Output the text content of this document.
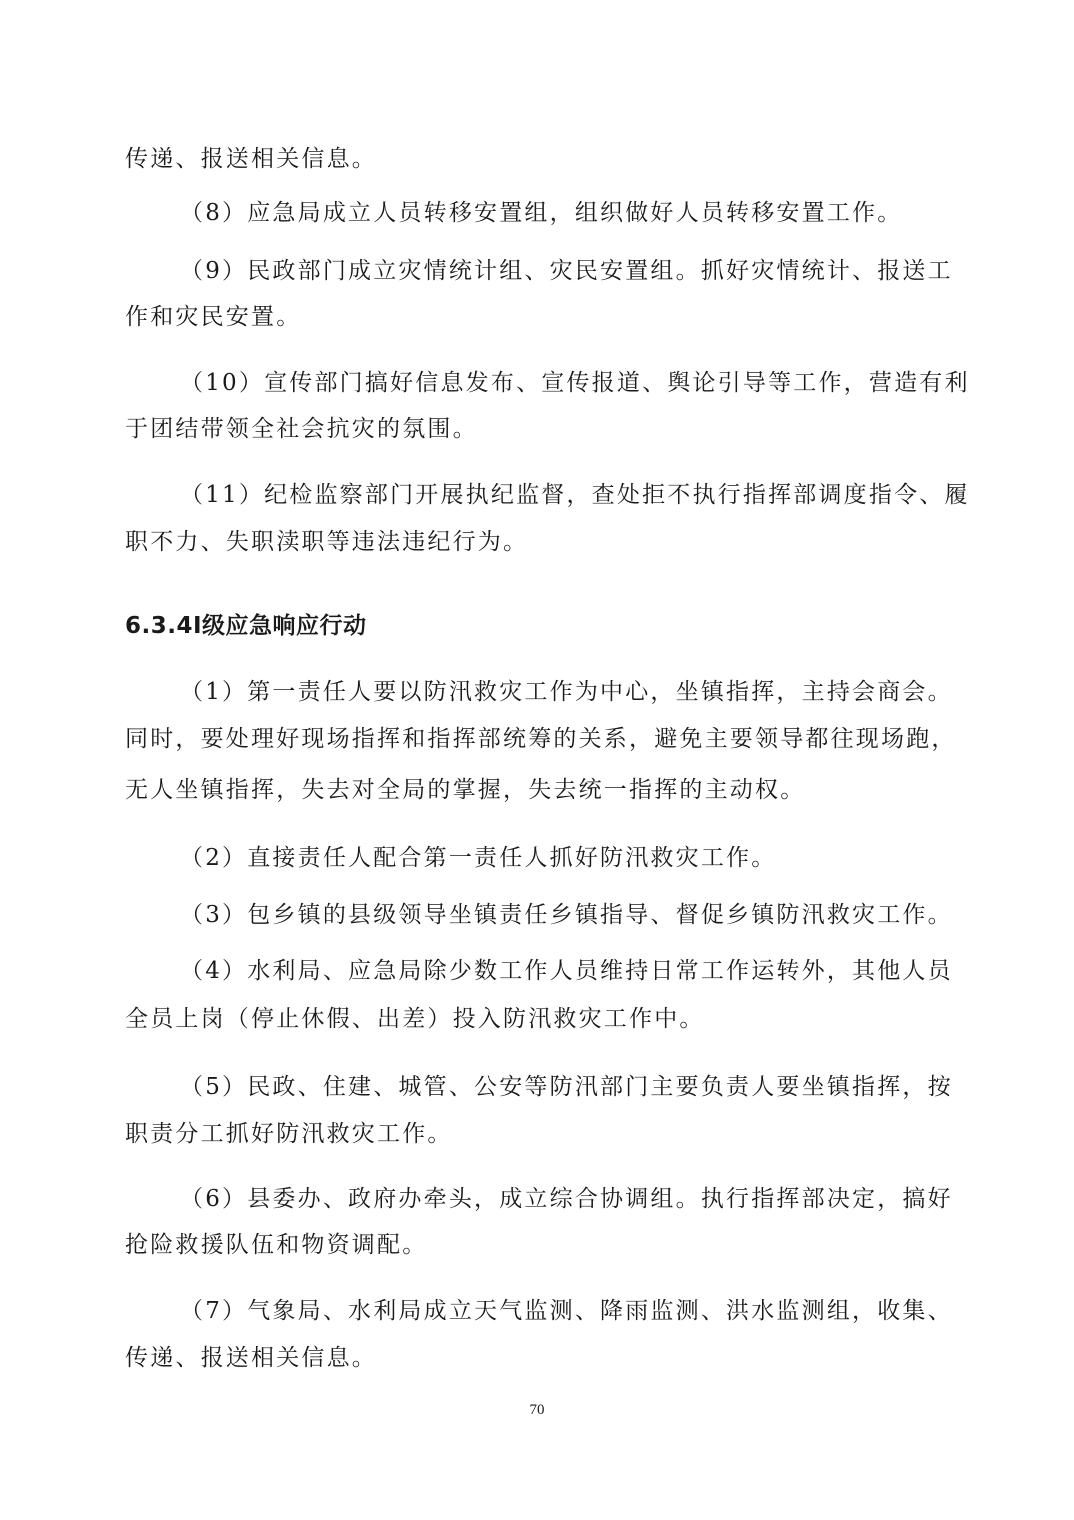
传递、报送相关信息。
（8）应急局成立人员转移安置组，组织做好人员转移安置工作。
（9）民政部门成立灾情统计组、灾民安置组。抓好灾情统计、报送工
作和灾民安置。
（10）宣传部门搞好信息发布、宣传报道、舆论引导等工作，营造有利
于团结带领全社会抗灾的氛围。
（11）纪检监察部门开展执纪监督，查处拒不执行指挥部调度指令、履
职不力、失职渎职等违法违纪行为。
6.3.4Ⅰ级应急响应行动
（1）第一责任人要以防汛救灾工作为中心，坐镇指挥，主持会商会。
同时，要处理好现场指挥和指挥部统筹的关系，避免主要领导都往现场跑，
无人坐镇指挥，失去对全局的掌握，失去统一指挥的主动权。
（2）直接责任人配合第一责任人抓好防汛救灾工作。
（3）包乡镇的县级领导坐镇责任乡镇指导、督促乡镇防汛救灾工作。
（4）水利局、应急局除少数工作人员维持日常工作运转外，其他人员
全员上岗（停止休假、出差）投入防汛救灾工作中。
（5）民政、住建、城管、公安等防汛部门主要负责人要坐镇指挥，按
职责分工抓好防汛救灾工作。
（6）县委办、政府办牵头，成立综合协调组。执行指挥部决定，搞好
抢险救援队伍和物资调配。
（7）气象局、水利局成立天气监测、降雨监测、洪水监测组，收集、
传递、报送相关信息。
70
